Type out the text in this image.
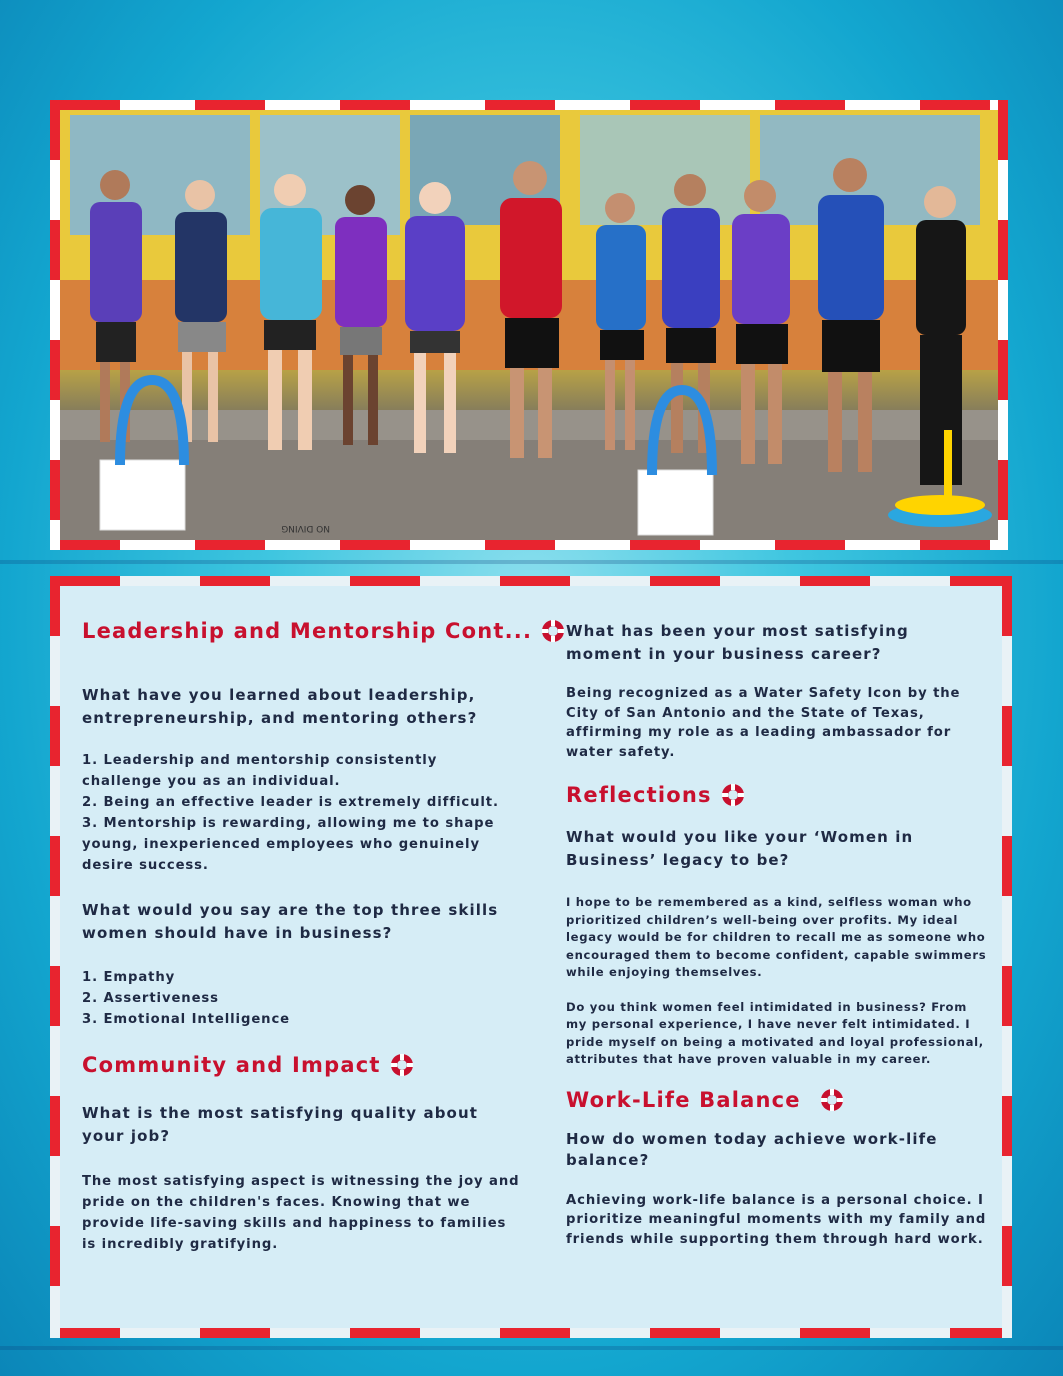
NO DIVING
Leadership and Mentorship Cont...

What have you learned about leadership, entrepreneurship, and mentoring others?

1. Leadership and mentorship consistently challenge you as an individual.

2. Being an effective leader is extremely difficult.

3. Mentorship is rewarding, allowing me to shape young, inexperienced employees who genuinely desire success.

What would you say are the top three skills women should have in business?

1. Empathy

2. Assertiveness

3. Emotional Intelligence

Community and Impact

What is the most satisfying quality about your job?

The most satisfying aspect is witnessing the joy and pride on the children's faces. Knowing that we provide life-saving skills and happiness to families is incredibly gratifying.

What has been your most satisfying moment in your business career?

Being recognized as a Water Safety Icon by the City of San Antonio and the State of Texas, affirming my role as a leading ambassador for water safety.

Reflections

What would you like your ‘Women in Business’ legacy to be?

I hope to be remembered as a kind, selfless woman who prioritized children’s well-being over profits. My ideal legacy would be for children to recall me as someone who encouraged them to become confident, capable swimmers while enjoying themselves.

Do you think women feel intimidated in business? From my personal experience, I have never felt intimidated. I pride myself on being a motivated and loyal professional, attributes that have proven valuable in my career.

Work-Life Balance

How do women today achieve work-life balance?

Achieving work-life balance is a personal choice. I prioritize meaningful moments with my family and friends while supporting them through hard work.
